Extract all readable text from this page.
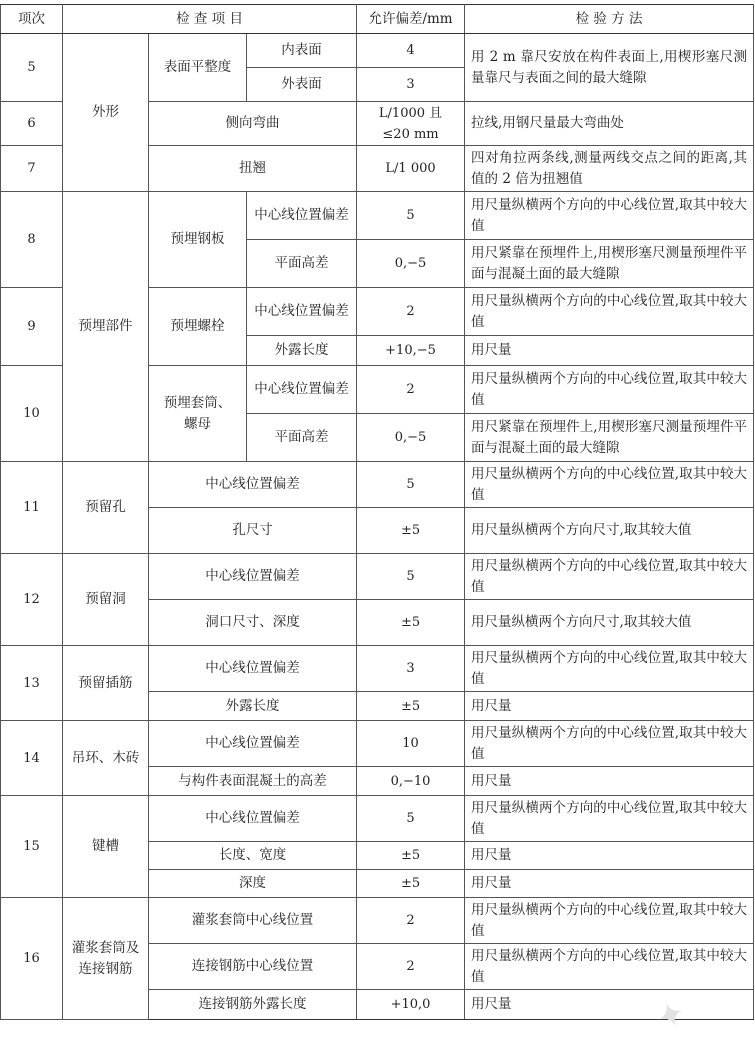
项次	检 查 项 目			允许偏差/mm	检 验 方 法
5	外形	表面平整度	内表面	4	用 2 m 靠尺安放在构件表面上,用楔形塞尺测量靠尺与表面之间的最大缝隙
			外表面	3	
6		侧向弯曲		L/1000 且 ≤20 mm	拉线,用钢尺量最大弯曲处
7		扭翘		L/1 000	四对角拉两条线,测量两线交点之间的距离,其值的 2 倍为扭翘值
8	预埋部件	预埋钢板	中心线位置偏差	5	用尺量纵横两个方向的中心线位置,取其中较大值
			平面高差	0,−5	用尺紧靠在预埋件上,用楔形塞尺测量预埋件平面与混凝土面的最大缝隙
9		预埋螺栓	中心线位置偏差	2	用尺量纵横两个方向的中心线位置,取其中较大值
			外露长度	+10,−5	用尺量
10		预埋套筒、螺母	中心线位置偏差	2	用尺量纵横两个方向的中心线位置,取其中较大值
			平面高差	0,−5	用尺紧靠在预埋件上,用楔形塞尺测量预埋件平面与混凝土面的最大缝隙
11	预留孔	中心线位置偏差		5	用尺量纵横两个方向的中心线位置,取其中较大值
		孔尺寸		±5	用尺量纵横两个方向尺寸,取其较大值
12	预留洞	中心线位置偏差		5	用尺量纵横两个方向的中心线位置,取其中较大值
		洞口尺寸、深度		±5	用尺量纵横两个方向尺寸,取其较大值
13	预留插筋	中心线位置偏差		3	用尺量纵横两个方向的中心线位置,取其中较大值
		外露长度		±5	用尺量
14	吊环、木砖	中心线位置偏差		10	用尺量纵横两个方向的中心线位置,取其中较大值
		与构件表面混凝土的高差		0,−10	用尺量
15	键槽	中心线位置偏差		5	用尺量纵横两个方向的中心线位置,取其中较大值
		长度、宽度		±5	用尺量
		深度		±5	用尺量
16	灌浆套筒及连接钢筋	灌浆套筒中心线位置		2	用尺量纵横两个方向的中心线位置,取其中较大值
		连接钢筋中心线位置		2	用尺量纵横两个方向的中心线位置,取其中较大值
		连接钢筋外露长度		+10,0	用尺量	✦
